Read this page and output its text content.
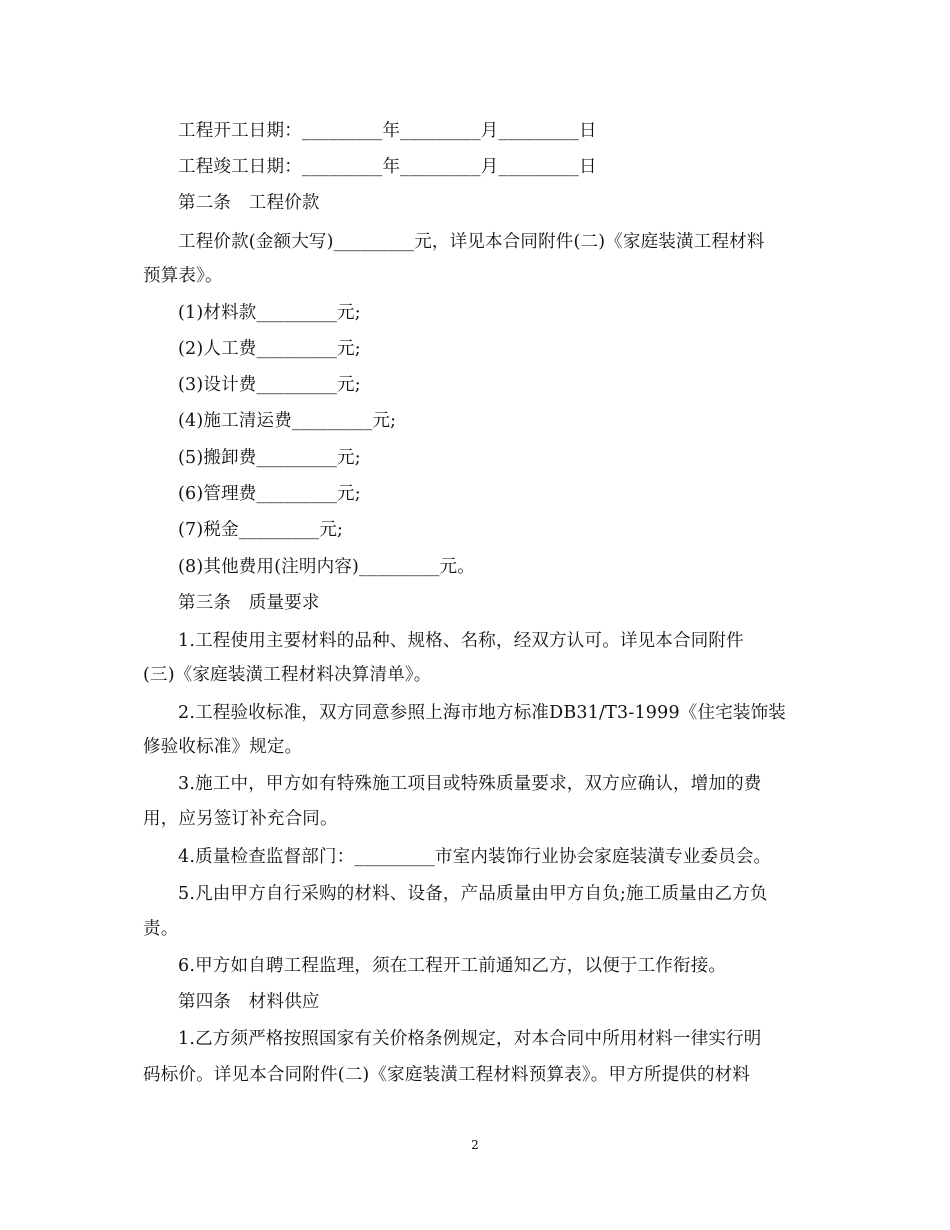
工程开工日期：_________年_________月_________日
工程竣工日期：_________年_________月_________日
第二条　工程价款
工程价款(金额大写)_________元，详见本合同附件(二)《家庭装潢工程材料
预算表》。
(1)材料款_________元;
(2)人工费_________元;
(3)设计费_________元;
(4)施工清运费_________元;
(5)搬卸费_________元;
(6)管理费_________元;
(7)税金_________元;
(8)其他费用(注明内容)_________元。
第三条　质量要求
1.工程使用主要材料的品种、规格、名称，经双方认可。详见本合同附件
(三)《家庭装潢工程材料决算清单》。
2.工程验收标准，双方同意参照上海市地方标准DB31/T3-1999《住宅装饰装
修验收标准》规定。
3.施工中，甲方如有特殊施工项目或特殊质量要求，双方应确认，增加的费
用，应另签订补充合同。
4.质量检查监督部门：_________市室内装饰行业协会家庭装潢专业委员会。
5.凡由甲方自行采购的材料、设备，产品质量由甲方自负;施工质量由乙方负
责。
6.甲方如自聘工程监理，须在工程开工前通知乙方，以便于工作衔接。
第四条　材料供应
1.乙方须严格按照国家有关价格条例规定，对本合同中所用材料一律实行明
码标价。详见本合同附件(二)《家庭装潢工程材料预算表》。甲方所提供的材料
2
